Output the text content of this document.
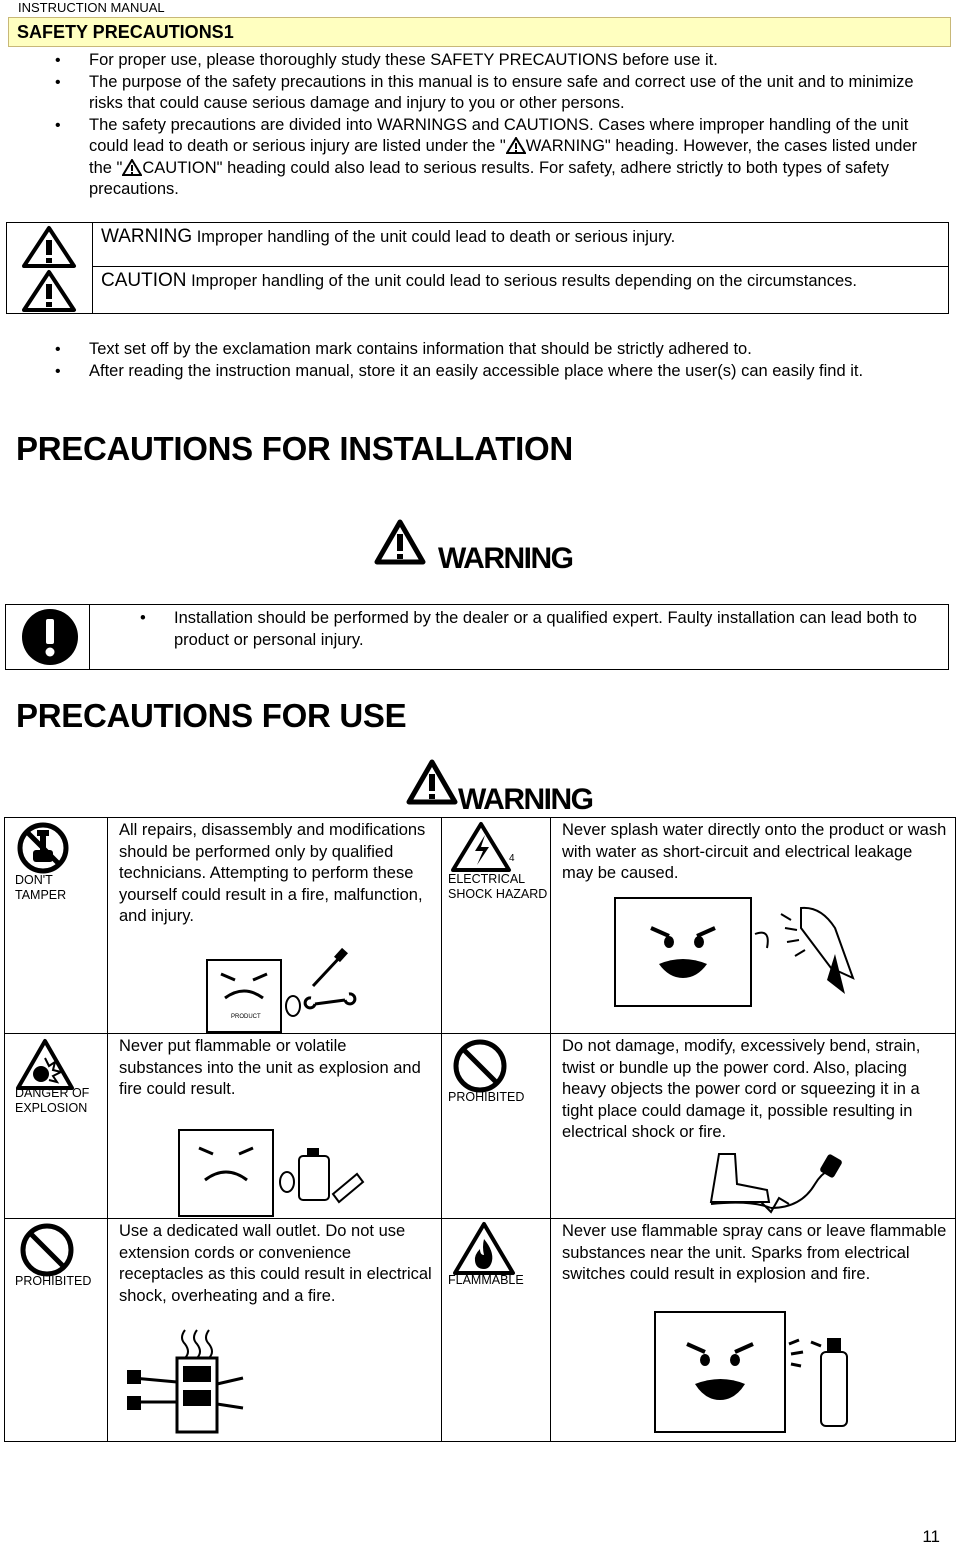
INSTRUCTION MANUAL
SAFETY PRECAUTIONS1
• For proper use, please thoroughly study these SAFETY PRECAUTIONS before use it.
• The purpose of the safety precautions in this manual is to ensure safe and correct use of the unit and to minimize risks that could cause serious damage and injury to you or other persons.
• The safety precautions are divided into WARNINGS and CAUTIONS. Cases where improper handling of the unit could lead to death or serious injury are listed under the " WARNING" heading. However, the cases listed under the " CAUTION" heading could also lead to serious results. For safety, adhere strictly to both types of safety precautions.
WARNING Improper handling of the unit could lead to death or serious injury.
CAUTION Improper handling of the unit could lead to serious results depending on the circumstances.
• Text set off by the exclamation mark contains information that should be strictly adhered to.
• After reading the instruction manual, store it an easily accessible place where the user(s) can easily find it.
PRECAUTIONS FOR INSTALLATION
WARNING
• Installation should be performed by the dealer or a qualified expert. Faulty installation can lead both to product or personal injury.
PRECAUTIONS FOR USE
WARNING
DON'T TAMPER
All repairs, disassembly and modifications should be performed only by qualified technicians. Attempting to perform these yourself could result in a fire, malfunction, and injury.
PRODUCT
4
ELECTRICAL SHOCK HAZARD
Never splash water directly onto the product or wash with water as short-circuit and electrical leakage may be caused.
DANGER OF EXPLOSION
Never put flammable or volatile substances into the unit as explosion and fire could result.	PROHIBITED
Do not damage, modify, excessively bend, strain, twist or bundle up the power cord. Also, placing heavy objects the power cord or squeezing it in a tight place could damage it, possible resulting in electrical shock or fire.
PROHIBITED
Use a dedicated wall outlet. Do not use extension cords or convenience receptacles as this could result in electrical shock, overheating and a fire.
FLAMMABLE
Never use flammable spray cans or leave flammable substances near the unit. Sparks from electrical switches could result in explosion and fire.
11
